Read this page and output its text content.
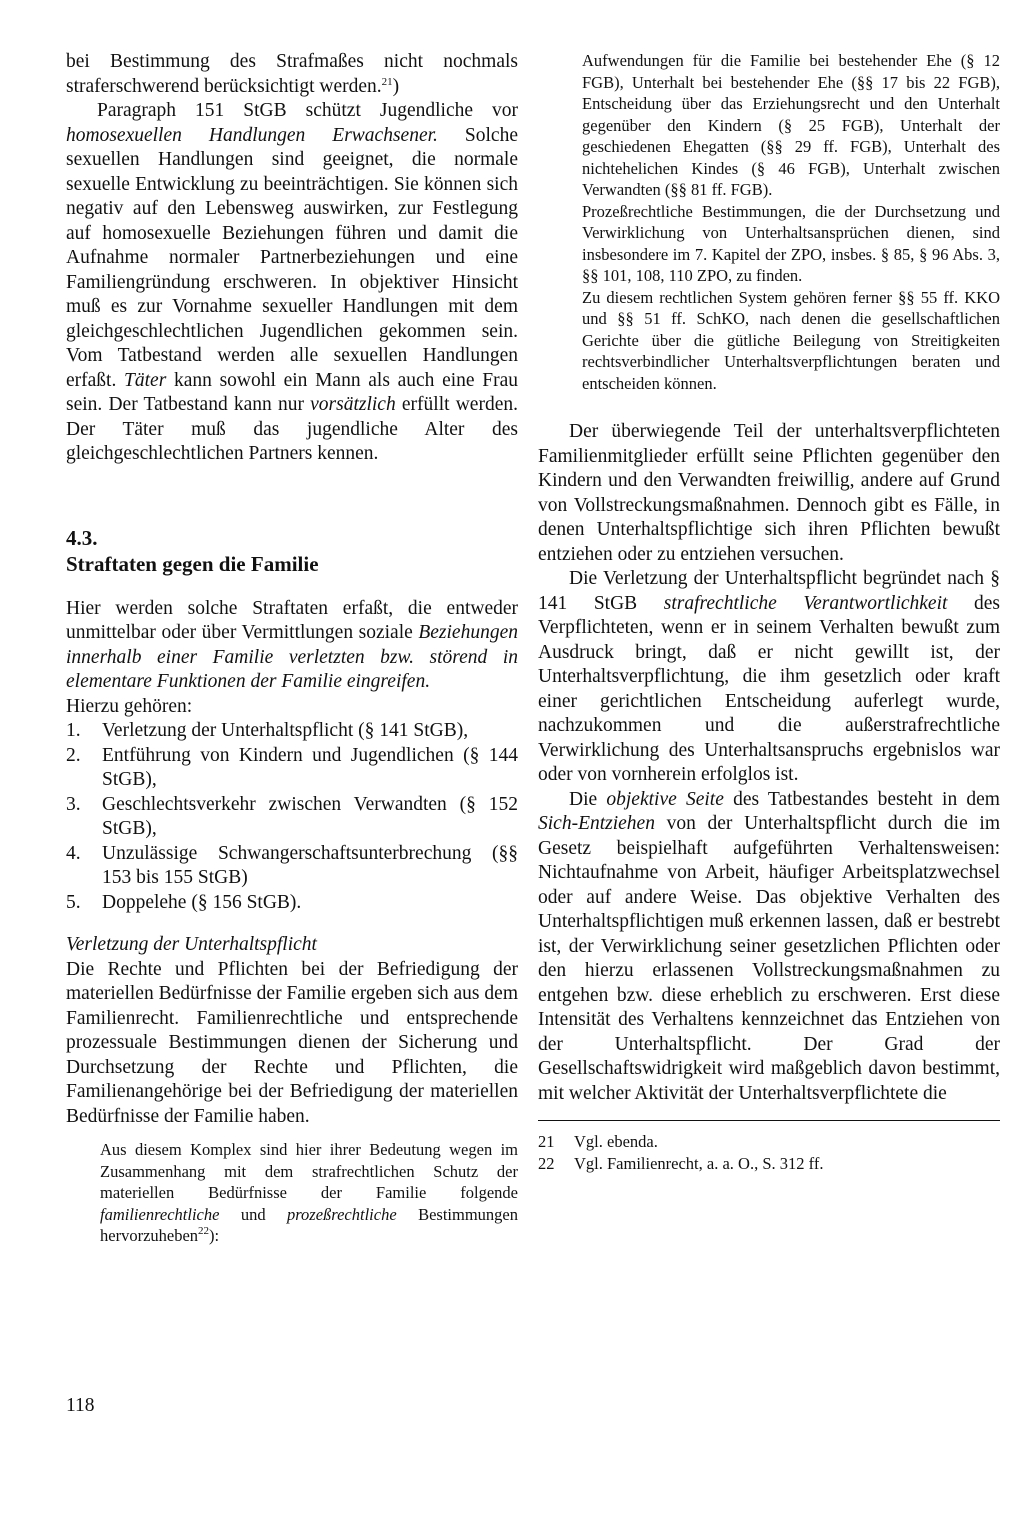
bei Bestimmung des Strafmaßes nicht nochmals straferschwerend berücksichtigt werden.$^{21}$)

Paragraph 151 StGB schützt Jugendliche vor homosexuellen Handlungen Erwachsener. Solche sexuellen Handlungen sind geeignet, die normale sexuelle Entwicklung zu beeinträchtigen. Sie können sich negativ auf den Lebensweg auswirken, zur Festlegung auf homosexuelle Beziehungen führen und damit die Aufnahme normaler Partnerbeziehungen und eine Familiengründung erschweren. In objektiver Hinsicht muß es zur Vornahme sexueller Handlungen mit dem gleichgeschlechtlichen Jugendlichen gekommen sein. Vom Tatbestand werden alle sexuellen Handlungen erfaßt. Täter kann sowohl ein Mann als auch eine Frau sein. Der Tatbestand kann nur vorsätzlich erfüllt werden. Der Täter muß das jugendliche Alter des gleichgeschlechtlichen Partners kennen.

4.3.
Straftaten gegen die Familie

Hier werden solche Straftaten erfaßt, die entweder unmittelbar oder über Vermittlungen soziale Beziehungen innerhalb einer Familie verletzten bzw. störend in elementare Funktionen der Familie eingreifen.

Hierzu gehören:

1.	Verletzung der Unterhaltspflicht (§ 141 StGB),
2.	Entführung von Kindern und Jugendlichen (§ 144 StGB),
3.	Geschlechtsverkehr zwischen Verwandten (§ 152 StGB),
4.	Unzulässige Schwangerschaftsunterbrechung (§§ 153 bis 155 StGB)
5.	Doppelehe (§ 156 StGB).

Verletzung der Unterhaltspflicht

Die Rechte und Pflichten bei der Befriedigung der materiellen Bedürfnisse der Familie ergeben sich aus dem Familienrecht. Familienrechtliche und entsprechende prozessuale Bestimmungen dienen der Sicherung und Durchsetzung der Rechte und Pflichten, die Familienangehörige bei der Befriedigung der materiellen Bedürfnisse der Familie haben.

Aus diesem Komplex sind hier ihrer Bedeutung wegen im Zusammenhang mit dem strafrechtlichen Schutz der materiellen Bedürfnisse der Familie folgende familienrechtliche und prozeßrechtliche Bestimmungen hervorzuheben$^{22}$):

118

Aufwendungen für die Familie bei bestehender Ehe (§ 12 FGB), Unterhalt bei bestehender Ehe (§§ 17 bis 22 FGB), Entscheidung über das Erziehungsrecht und den Unterhalt gegenüber den Kindern (§ 25 FGB), Unterhalt der geschiedenen Ehegatten (§§ 29 ff. FGB), Unterhalt des nichtehelichen Kindes (§ 46 FGB), Unterhalt zwischen Verwandten (§§ 81 ff. FGB).

Prozeßrechtliche Bestimmungen, die der Durchsetzung und Verwirklichung von Unterhaltsansprüchen dienen, sind insbesondere im 7. Kapitel der ZPO, insbes. § 85, § 96 Abs. 3, §§ 101, 108, 110 ZPO, zu finden.

Zu diesem rechtlichen System gehören ferner §§ 55 ff. KKO und §§ 51 ff. SchKO, nach denen die gesellschaftlichen Gerichte über die gütliche Beilegung von Streitigkeiten rechtsverbindlicher Unterhaltsverpflichtungen beraten und entscheiden können.

Der überwiegende Teil der unterhaltsverpflichteten Familienmitglieder erfüllt seine Pflichten gegenüber den Kindern und den Verwandten freiwillig, andere auf Grund von Vollstreckungsmaßnahmen. Dennoch gibt es Fälle, in denen Unterhaltspflichtige sich ihren Pflichten bewußt entziehen oder zu entziehen versuchen.

Die Verletzung der Unterhaltspflicht begründet nach § 141 StGB strafrechtliche Verantwortlichkeit des Verpflichteten, wenn er in seinem Verhalten bewußt zum Ausdruck bringt, daß er nicht gewillt ist, der Unterhaltsverpflichtung, die ihm gesetzlich oder kraft einer gerichtlichen Entscheidung auferlegt wurde, nachzukommen und die außerstrafrechtliche Verwirklichung des Unterhaltsanspruchs ergebnislos war oder von vornherein erfolglos ist.

Die objektive Seite des Tatbestandes besteht in dem Sich-Entziehen von der Unterhaltspflicht durch die im Gesetz beispielhaft aufgeführten Verhaltensweisen: Nichtaufnahme von Arbeit, häufiger Arbeitsplatzwechsel oder auf andere Weise. Das objektive Verhalten des Unterhaltspflichtigen muß erkennen lassen, daß er bestrebt ist, der Verwirklichung seiner gesetzlichen Pflichten oder den hierzu erlassenen Vollstreckungsmaßnahmen zu entgehen bzw. diese erheblich zu erschweren. Erst diese Intensität des Verhaltens kennzeichnet das Entziehen von der Unterhaltspflicht. Der Grad der Gesellschaftswidrigkeit wird maßgeblich davon bestimmt, mit welcher Aktivität der Unterhaltsverpflichtete die

21	Vgl. ebenda.
22	Vgl. Familienrecht, a. a. O., S. 312 ff.
